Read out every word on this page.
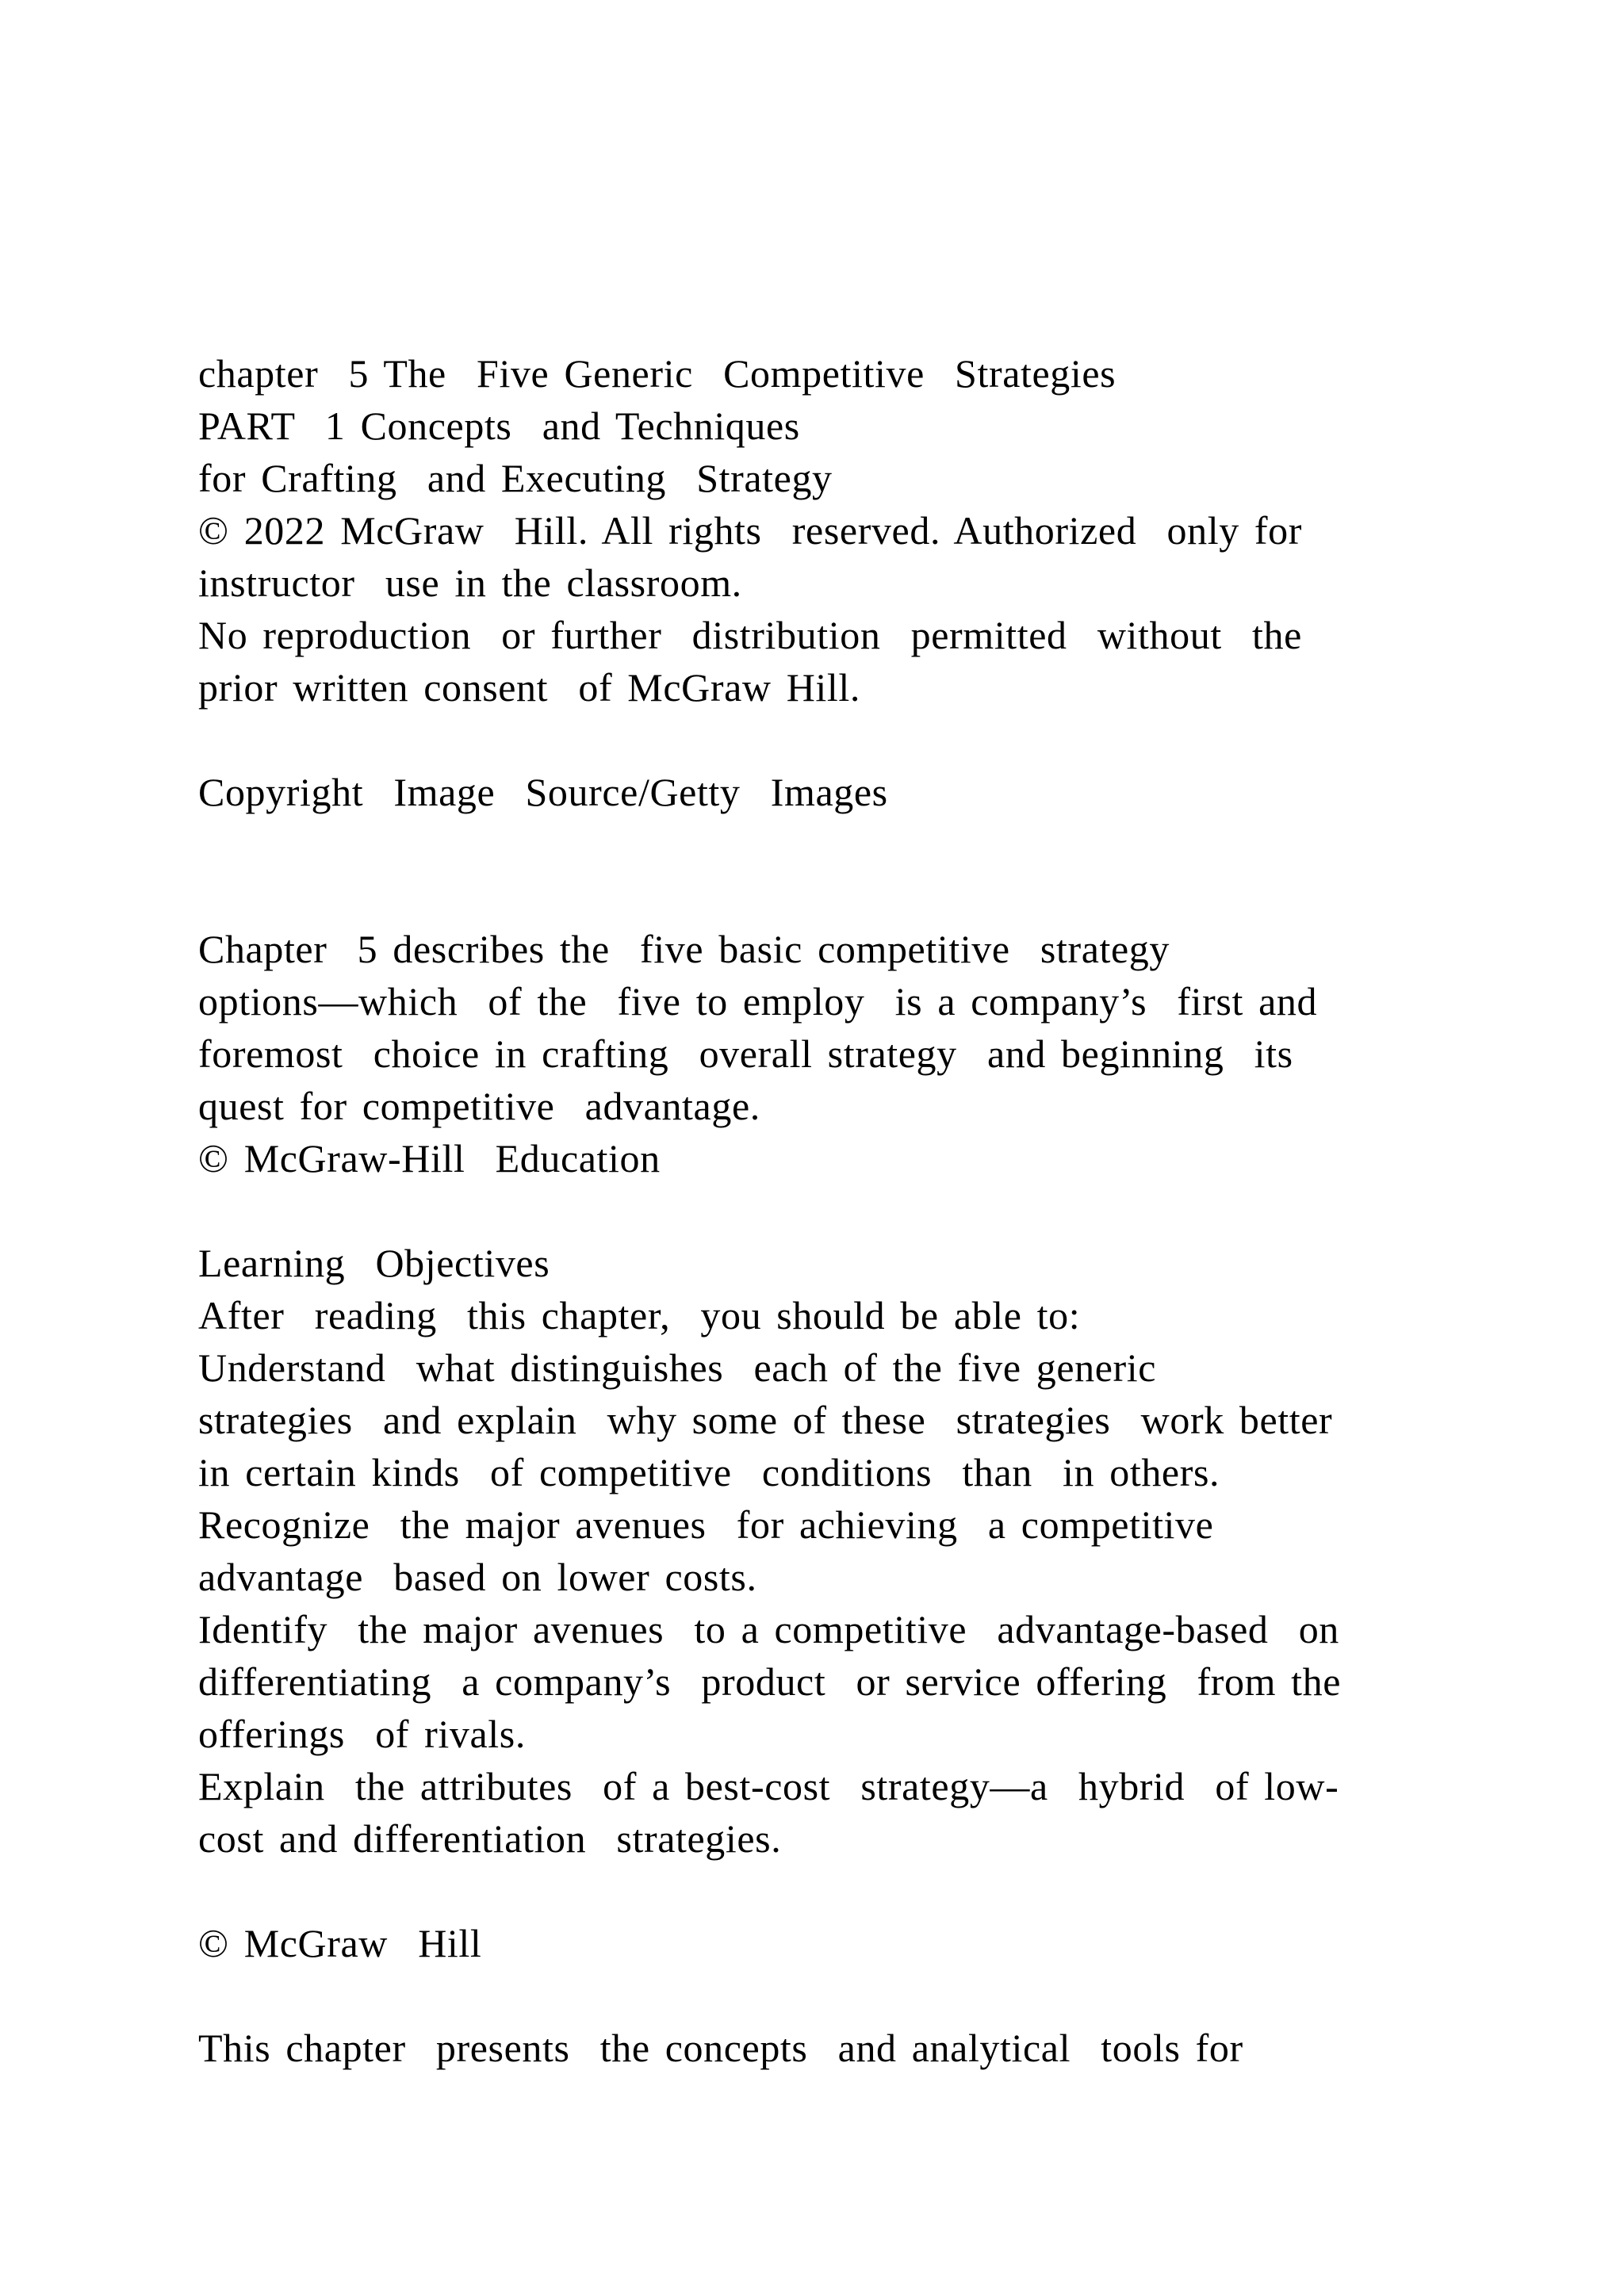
chapter  5 The  Five Generic  Competitive  Strategies
PART  1 Concepts  and Techniques
for Crafting  and Executing  Strategy
© 2022 McGraw  Hill. All rights  reserved. Authorized  only for
instructor  use in the classroom.
No reproduction  or further  distribution  permitted  without  the
prior written consent  of McGraw Hill.
Copyright  Image  Source/Getty  Images
Chapter  5 describes the  five basic competitive  strategy
options—which  of the  five to employ  is a company’s  first and
foremost  choice in crafting  overall strategy  and beginning  its
quest for competitive  advantage.
© McGraw-Hill  Education
Learning  Objectives
After  reading  this chapter,  you should be able to:
Understand  what distinguishes  each of the five generic
strategies  and explain  why some of these  strategies  work better
in certain kinds  of competitive  conditions  than  in others.
Recognize  the major avenues  for achieving  a competitive
advantage  based on lower costs.
Identify  the major avenues  to a competitive  advantage-based  on
differentiating  a company’s  product  or service offering  from the
offerings  of rivals.
Explain  the attributes  of a best-cost  strategy—a  hybrid  of low-
cost and differentiation  strategies.
© McGraw  Hill
This chapter  presents  the concepts  and analytical  tools for
